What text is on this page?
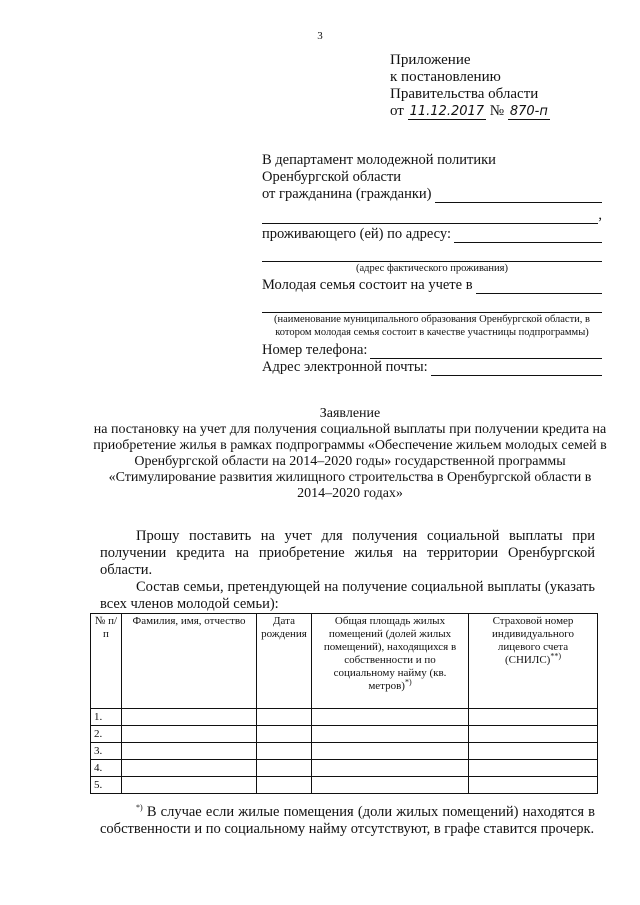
3
Приложение
к постановлению
Правительства области
от 11.12.2017 № 870-п
В департамент молодежной политики
Оренбургской области
от гражданина (гражданки)
,
проживающего (ей) по адресу:
(адрес фактического проживания)
Молодая семья состоит на учете в
(наименование муниципального образования Оренбургской области, в котором молодая семья состоит в качестве участницы подпрограммы)
Номер телефона:
Адрес электронной почты:
Заявление
на постановку на учет для получения социальной выплаты при получении кредита на приобретение жилья в рамках подпрограммы «Обеспечение жильем молодых семей в Оренбургской области на 2014–2020 годы» государственной программы «Стимулирование развития жилищного строительства в Оренбургской области в 2014–2020 годах»
Прошу поставить на учет для получения социальной выплаты при получении кредита на приобретение жилья на территории Оренбургской области.
Состав семьи, претендующей на получение социальной выплаты (указать всех членов молодой семьи):
№ п/п	Фамилия, имя, отчество	Дата рождения	Общая площадь жилых помещений (долей жилых помещений), находящихся в собственности и по социальному найму (кв. метров)*)	Страховой номер индивидуального лицевого счета (СНИЛС)**)
1.				
2.				
3.				
4.				
5.				
*) В случае если жилые помещения (доли жилых помещений) находятся в собственности и по социальному найму отсутствуют, в графе ставится прочерк.
